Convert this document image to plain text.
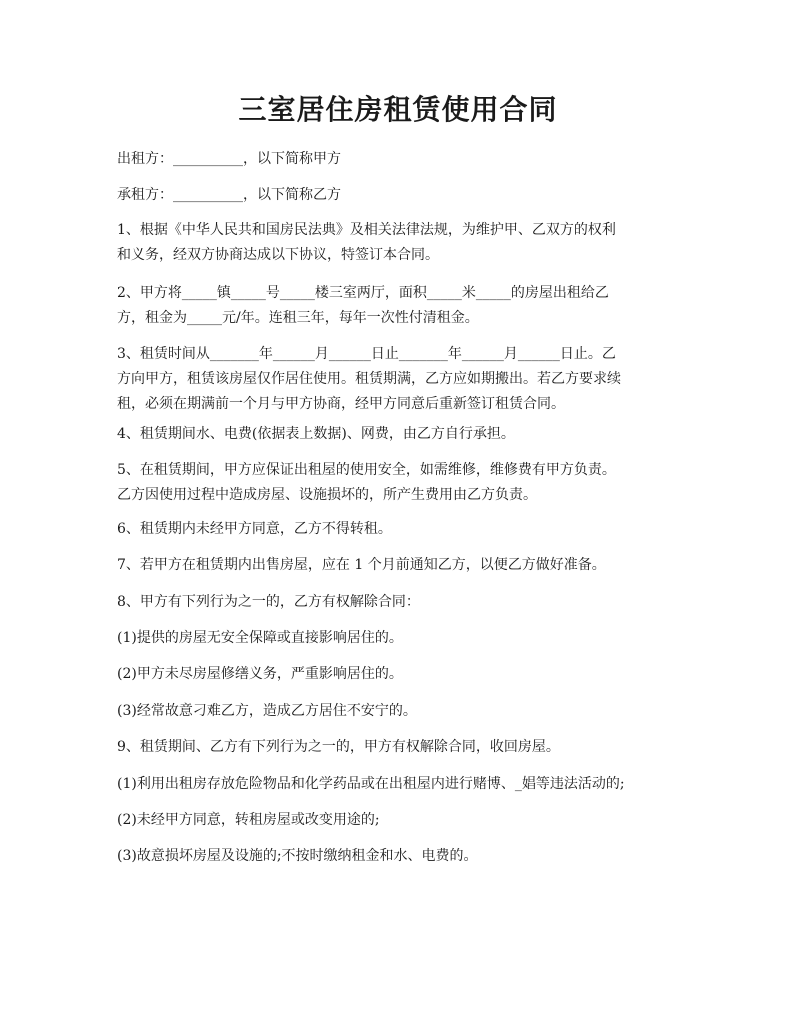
三室居住房租赁使用合同
出租方：__________，以下简称甲方
承租方：__________，以下简称乙方
1、根据《中华人民共和国房民法典》及相关法律法规，为维护甲、乙双方的权利
和义务，经双方协商达成以下协议，特签订本合同。
2、甲方将_____镇_____号_____楼三室两厅，面积_____米_____的房屋出租给乙
方，租金为_____元/年。连租三年，每年一次性付清租金。
3、租赁时间从_______年______月______日止_______年______月______日止。乙
方向甲方，租赁该房屋仅作居住使用。租赁期满，乙方应如期搬出。若乙方要求续
租，必须在期满前一个月与甲方协商，经甲方同意后重新签订租赁合同。
4、租赁期间水、电费(依据表上数据)、网费，由乙方自行承担。
5、在租赁期间，甲方应保证出租屋的使用安全，如需维修，维修费有甲方负责。
乙方因使用过程中造成房屋、设施损坏的，所产生费用由乙方负责。
6、租赁期内未经甲方同意，乙方不得转租。
7、若甲方在租赁期内出售房屋，应在 1 个月前通知乙方，以便乙方做好准备。
8、甲方有下列行为之一的，乙方有权解除合同：
(1)提供的房屋无安全保障或直接影响居住的。
(2)甲方未尽房屋修缮义务，严重影响居住的。
(3)经常故意刁难乙方，造成乙方居住不安宁的。
9、租赁期间、乙方有下列行为之一的，甲方有权解除合同，收回房屋。
(1)利用出租房存放危险物品和化学药品或在出租屋内进行赌博、_娼等违法活动的;
(2)未经甲方同意，转租房屋或改变用途的;
(3)故意损坏房屋及设施的;不按时缴纳租金和水、电费的。
